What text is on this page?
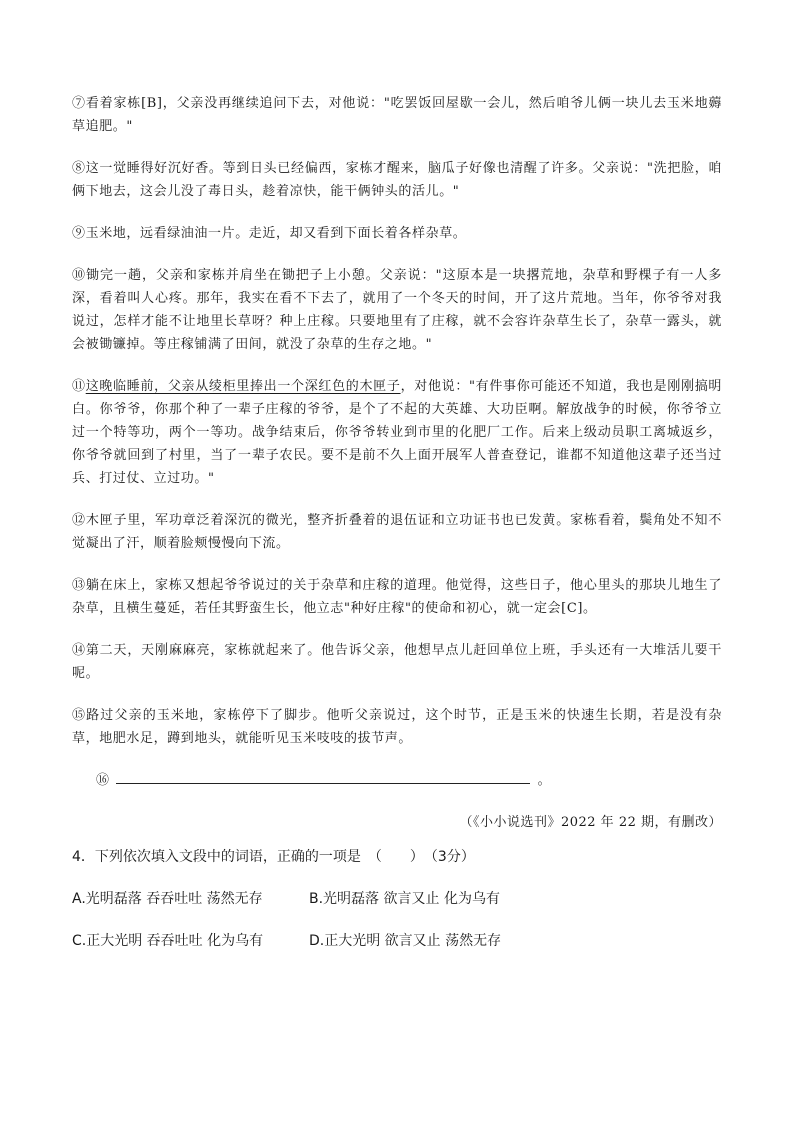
⑦看着家栋[B]，父亲没再继续追问下去，对他说："吃罢饭回屋歇一会儿，然后咱爷儿俩一块儿去玉米地薅草追肥。"

⑧这一觉睡得好沉好香。等到日头已经偏西，家栋才醒来，脑瓜子好像也清醒了许多。父亲说："洗把脸，咱俩下地去，这会儿没了毒日头，趁着凉快，能干俩钟头的活儿。"

⑨玉米地，远看绿油油一片。走近，却又看到下面长着各样杂草。

⑩锄完一趟，父亲和家栋并肩坐在锄把子上小憩。父亲说："这原本是一块撂荒地，杂草和野棵子有一人多深，看着叫人心疼。那年，我实在看不下去了，就用了一个冬天的时间，开了这片荒地。当年，你爷爷对我说过，怎样才能不让地里长草呀？种上庄稼。只要地里有了庄稼，就不会容许杂草生长了，杂草一露头，就会被锄镰掉。等庄稼铺满了田间，就没了杂草的生存之地。"

⑪这晚临睡前，父亲从绫柜里捧出一个深红色的木匣子，对他说："有件事你可能还不知道，我也是刚刚搞明白。你爷爷，你那个种了一辈子庄稼的爷爷，是个了不起的大英雄、大功臣啊。解放战争的时候，你爷爷立过一个特等功，两个一等功。战争结束后，你爷爷转业到市里的化肥厂工作。后来上级动员职工离城返乡，你爷爷就回到了村里，当了一辈子农民。要不是前不久上面开展军人普查登记，谁都不知道他这辈子还当过兵、打过仗、立过功。"

⑫木匣子里，军功章泛着深沉的微光，整齐折叠着的退伍证和立功证书也已发黄。家栋看着，鬓角处不知不觉凝出了汗，顺着脸颊慢慢向下流。

⑬躺在床上，家栋又想起爷爷说过的关于杂草和庄稼的道理。他觉得，这些日子，他心里头的那块儿地生了杂草，且横生蔓延，若任其野蛮生长，他立志"种好庄稼"的使命和初心，就一定会[C]。

⑭第二天，天刚麻麻亮，家栋就起来了。他告诉父亲，他想早点儿赶回单位上班，手头还有一大堆活儿要干呢。

⑮路过父亲的玉米地，家栋停下了脚步。他听父亲说过，这个时节，正是玉米的快速生长期，若是没有杂草，地肥水足，蹲到地头，就能听见玉米吱吱的拔节声。

⑯	。

（《小小说选刊》2022 年 22 期，有删改）
4．下列依次填入文段中的词语，正确的一项是　（　　）　（3分）
A.光明磊落 吞吞吐吐 荡然无存	B.光明磊落 欲言又止 化为乌有
C.正大光明 吞吞吐吐 化为乌有	D.正大光明 欲言又止 荡然无存
